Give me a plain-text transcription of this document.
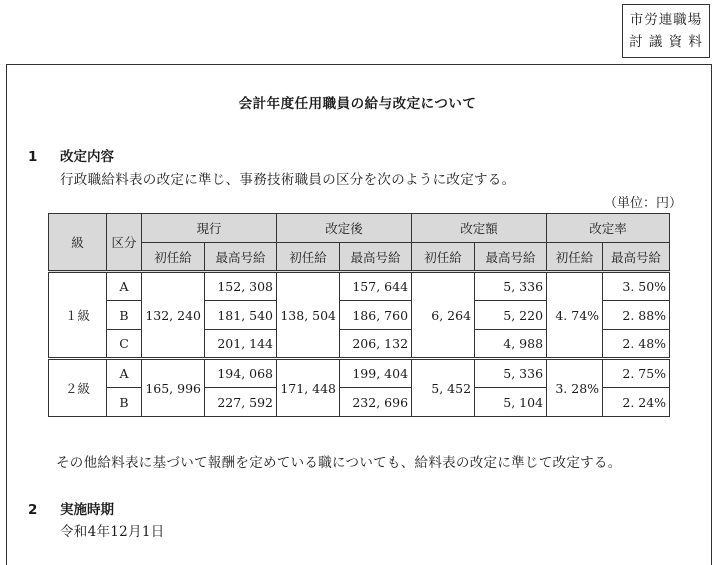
市労連職場
討 議 資 料
会計年度任用職員の給与改定について
1 改定内容
行政職給料表の改定に準じ、事務技術職員の区分を次のように改定する。
（単位：円）
級	区分	現行		改定後		改定額		改定率	
		初任給	最高号給	初任給	最高号給	初任給	最高号給	初任給	最高号給
１級	A	132, 240	152, 308	138, 504	157, 644	6, 264	5, 336	4. 74%	3. 50%
	B		181, 540		186, 760		5, 220		2. 88%
	C		201, 144		206, 132		4, 988		2. 48%
２級	A	165, 996	194, 068	171, 448	199, 404	5, 452	5, 336	3. 28%	2. 75%
	B		227, 592		232, 696		5, 104		2. 24%
その他給料表に基づいて報酬を定めている職についても、給料表の改定に準じて改定する。
2 実施時期
令和4年12月1日
